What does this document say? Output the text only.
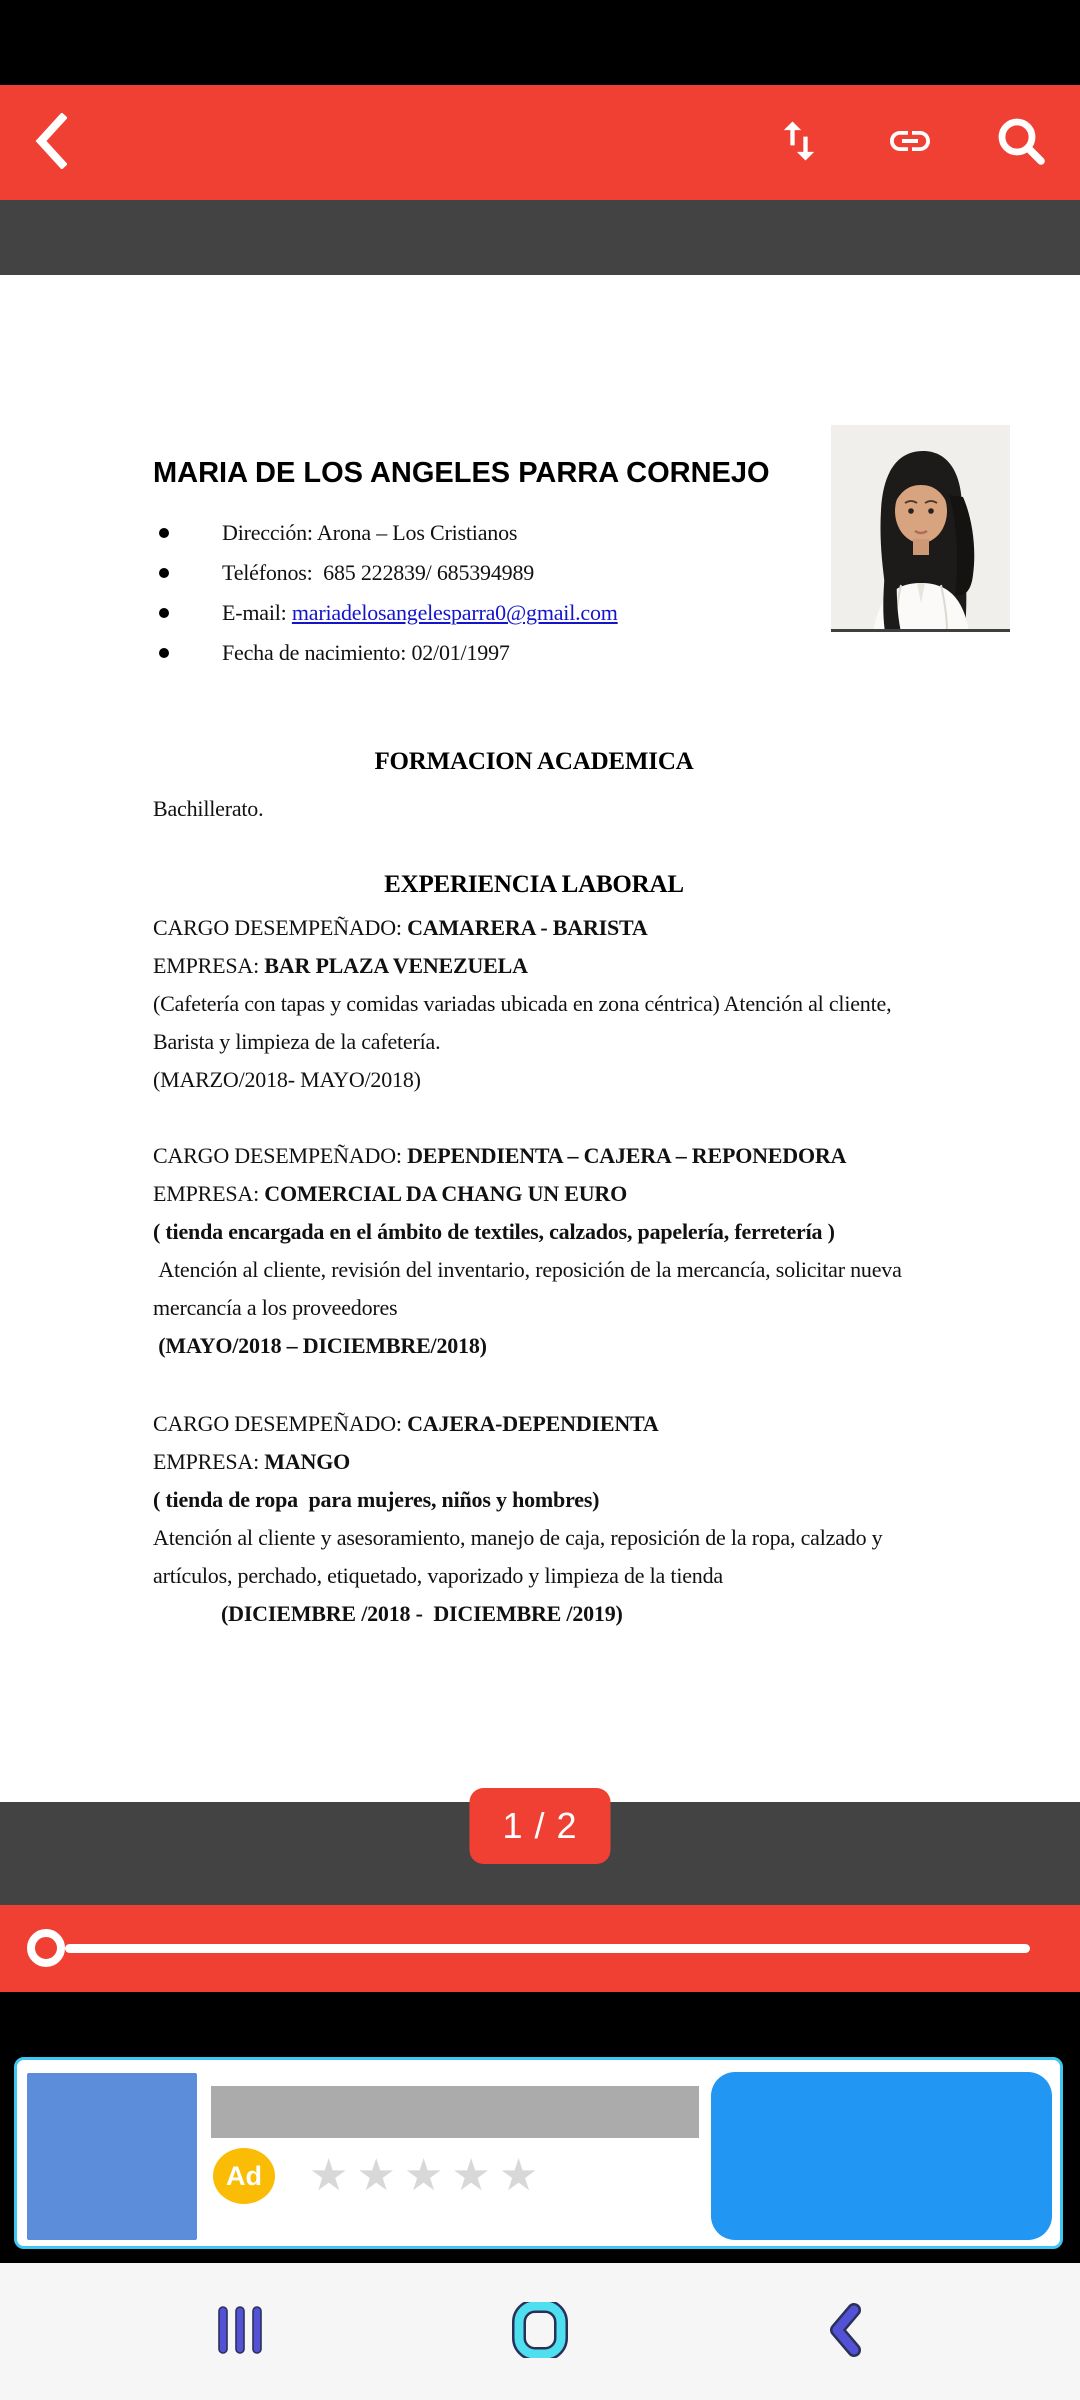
MARIA DE LOS ANGELES PARRA CORNEJO
Dirección: Arona – Los Cristianos
Teléfonos:  685 222839/ 685394989
E-mail: mariadelosangelesparra0@gmail.com
Fecha de nacimiento: 02/01/1997
FORMACION ACADEMICA

Bachillerato.

EXPERIENCIA LABORAL

CARGO DESEMPEÑADO: CAMARERA - BARISTA

EMPRESA: BAR PLAZA VENEZUELA

(Cafetería con tapas y comidas variadas ubicada en zona céntrica) Atención al cliente,

Barista y limpieza de la cafetería.

(MARZO/2018- MAYO/2018)

CARGO DESEMPEÑADO: DEPENDIENTA – CAJERA – REPONEDORA

EMPRESA: COMERCIAL DA CHANG UN EURO

( tienda encargada en el ámbito de textiles, calzados, papelería, ferretería )

Atención al cliente, revisión del inventario, reposición de la mercancía, solicitar nueva

mercancía a los proveedores

(MAYO/2018 – DICIEMBRE/2018)

CARGO DESEMPEÑADO: CAJERA-DEPENDIENTA

EMPRESA: MANGO

( tienda de ropa  para mujeres, niños y hombres)

Atención al cliente y asesoramiento, manejo de caja, reposición de la ropa, calzado y

artículos, perchado, etiquetado, vaporizado y limpieza de la tienda

(DICIEMBRE /2018 -  DICIEMBRE /2019)

1 / 2
Ad ★ ★ ★ ★ ★
